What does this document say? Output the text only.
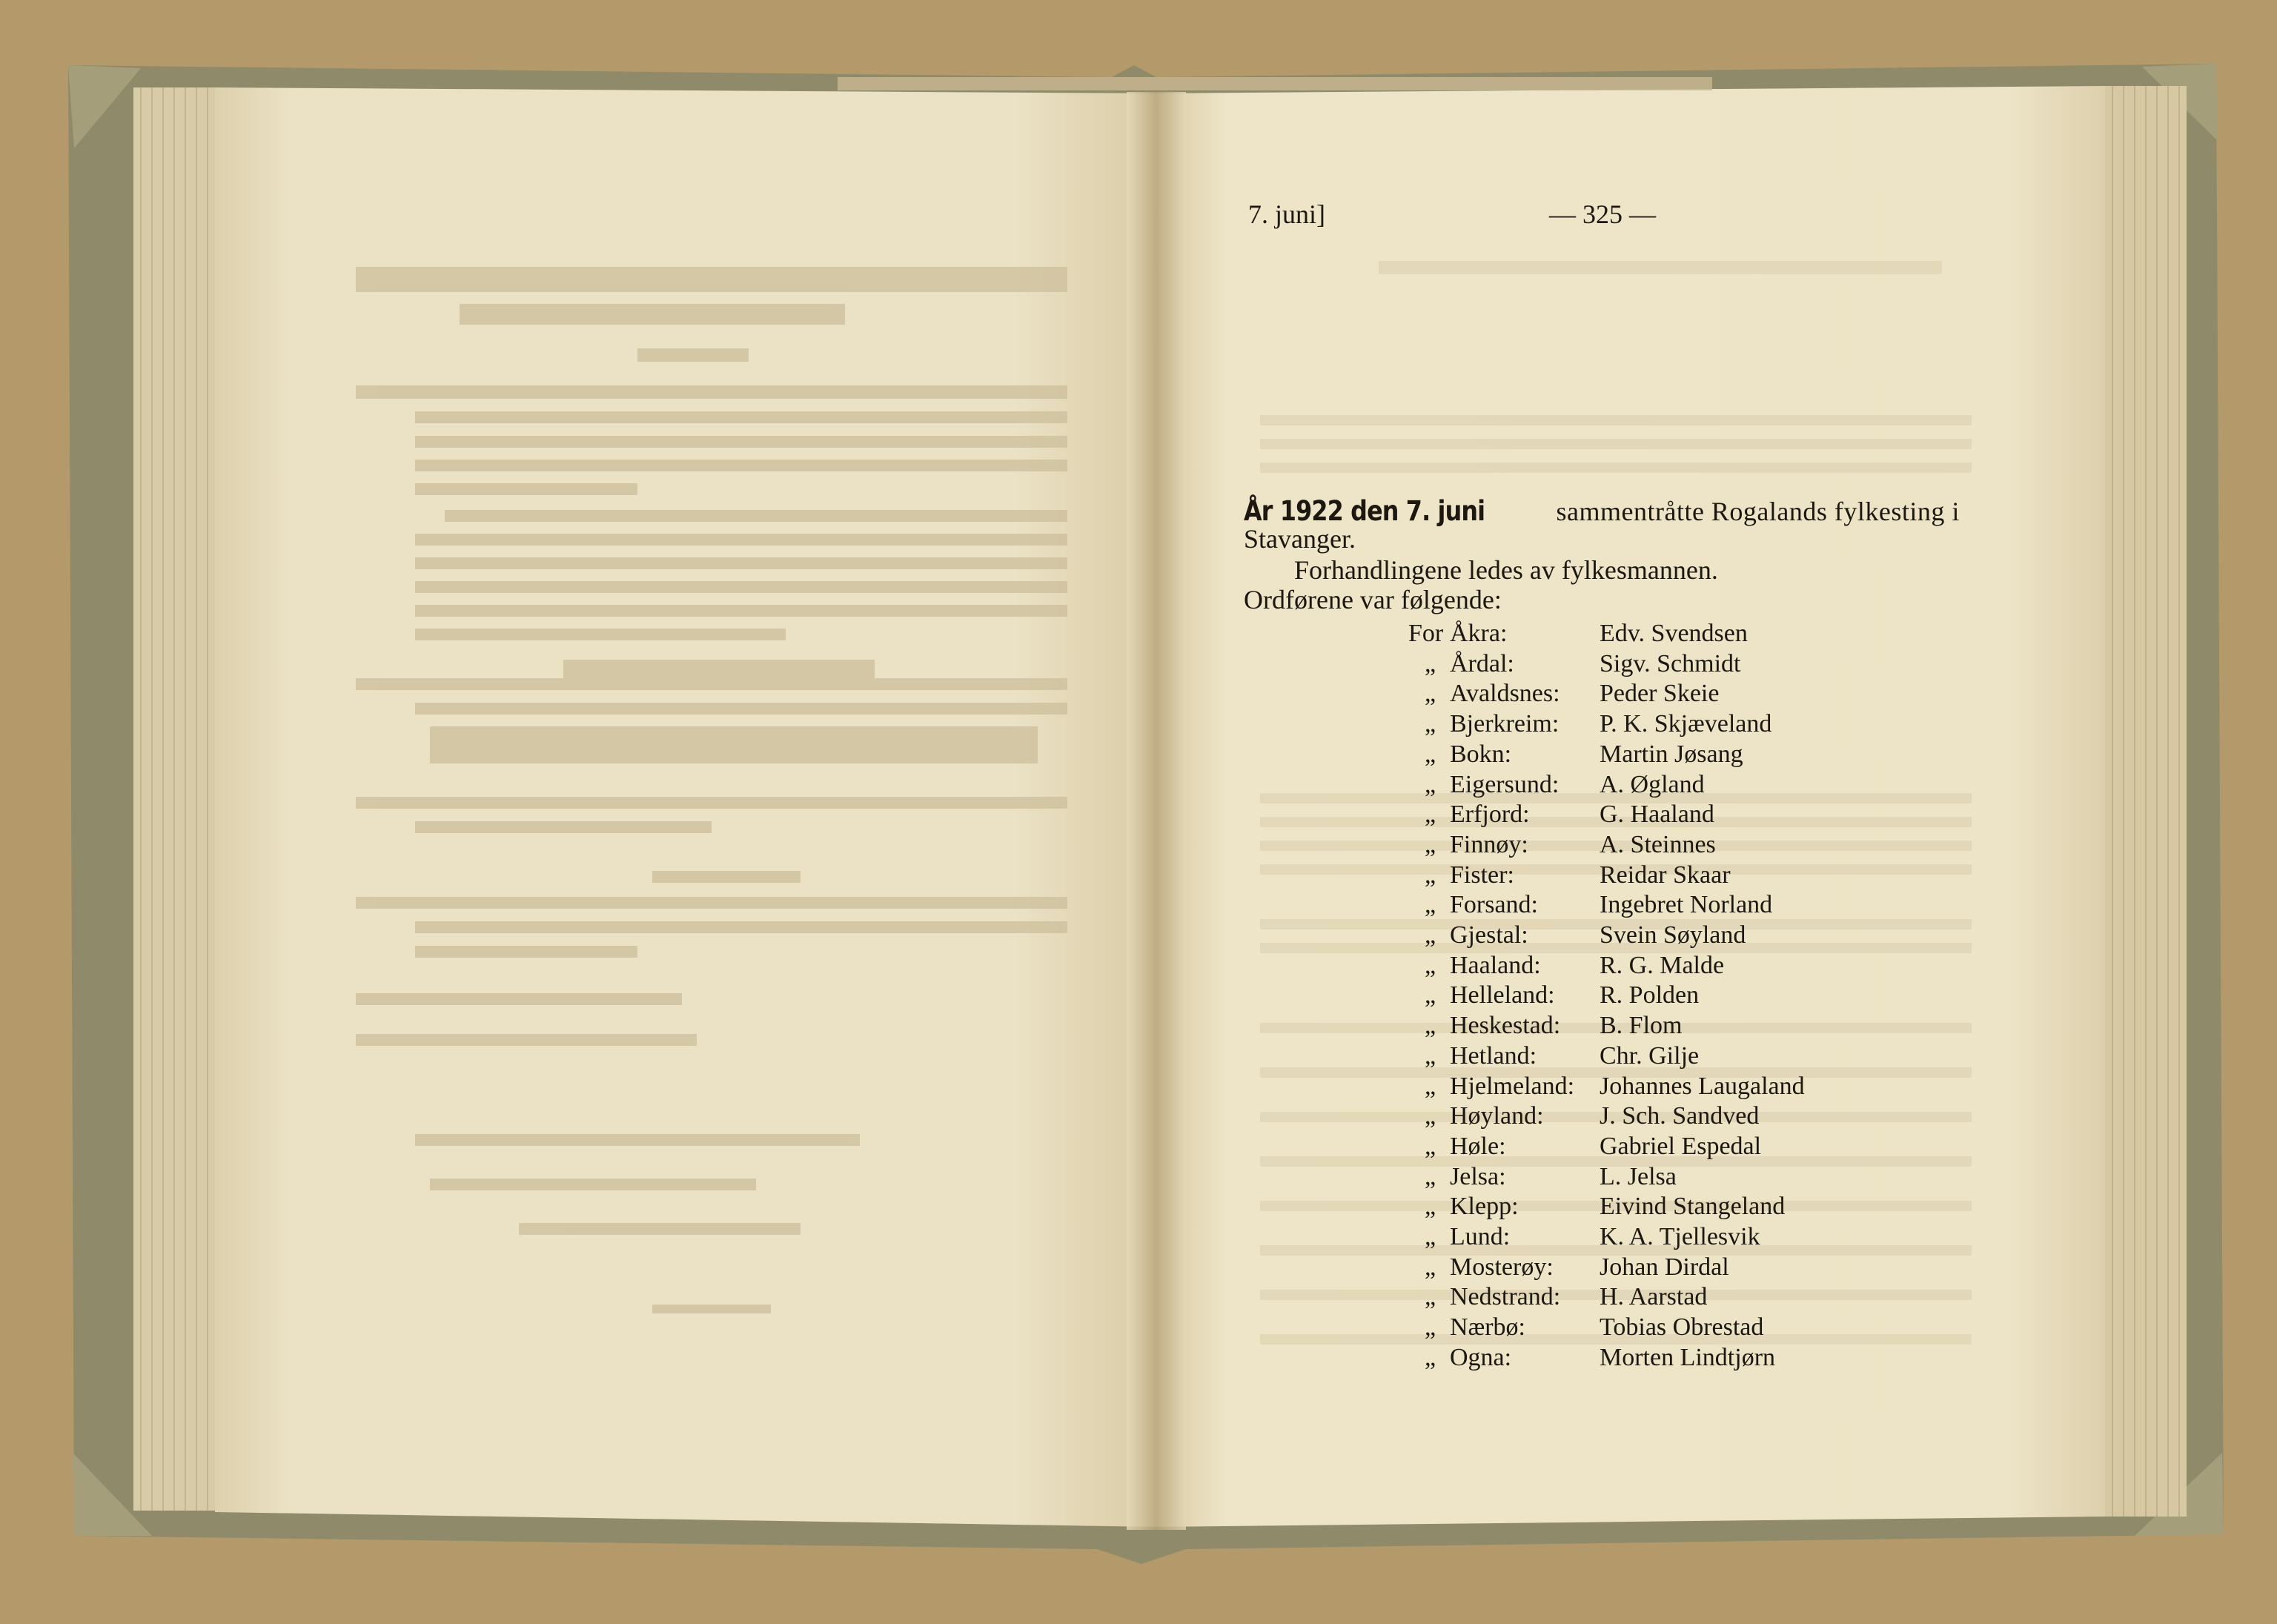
7. juni]	— 325 —
År 1922 den 7. juni	sammentråtte Rogalands fylkesting i
Stavanger.
Forhandlingene ledes av fylkesmannen.
Ordførene var følgende:
For Åkra:	Edv. Svendsen
„ Årdal:	Sigv. Schmidt
„ Avaldsnes: Peder Skeie
„ Bjerkreim: P. K. Skjæveland
„ Bokn:	Martin Jøsang
„ Eigersund: A. Øgland
„ Erfjord:	G. Haaland
„ Finnøy:	A. Steinnes
„ Fister:	Reidar Skaar
„ Forsand: Ingebret Norland
„ Gjestal:	Svein Søyland
„ Haaland: R. G. Malde
„ Helleland: R. Polden
„ Heskestad: B. Flom
„ Hetland: Chr. Gilje
„ Hjelmeland: Johannes Laugaland
„ Høyland: J. Sch. Sandved
„ Høle:	Gabriel Espedal
„ Jelsa:	L. Jelsa
„ Klepp:	Eivind Stangeland
„ Lund:	K. A. Tjellesvik
„ Mosterøy: Johan Dirdal
„ Nedstrand: H. Aarstad
„ Nærbø:	Tobias Obrestad
„ Ogna:	Morten Lindtjørn
